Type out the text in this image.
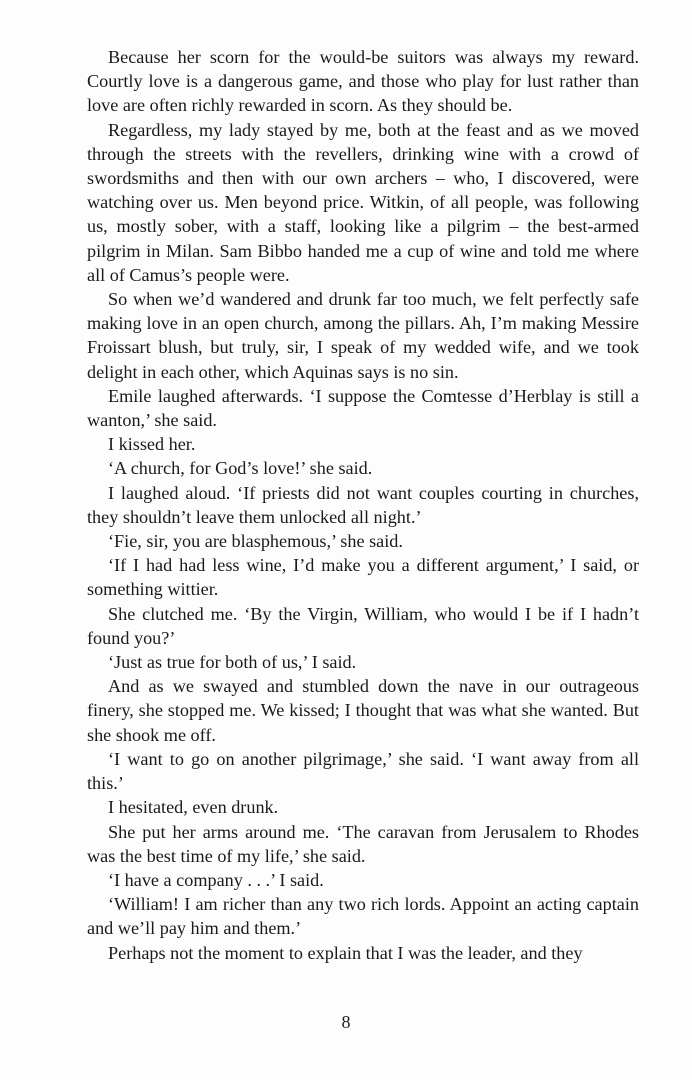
Because her scorn for the would-be suitors was always my reward. Courtly love is a dangerous game, and those who play for lust rather than love are often richly rewarded in scorn. As they should be.

Regardless, my lady stayed by me, both at the feast and as we moved through the streets with the revellers, drinking wine with a crowd of swordsmiths and then with our own archers – who, I discovered, were watching over us. Men beyond price. Witkin, of all people, was following us, mostly sober, with a staff, looking like a pilgrim – the best-armed pilgrim in Milan. Sam Bibbo handed me a cup of wine and told me where all of Camus’s people were.

So when we’d wandered and drunk far too much, we felt perfectly safe making love in an open church, among the pillars. Ah, I’m making Messire Froissart blush, but truly, sir, I speak of my wedded wife, and we took delight in each other, which Aquinas says is no sin.

Emile laughed afterwards. ‘I suppose the Comtesse d’Herblay is still a wanton,’ she said.

I kissed her.

‘A church, for God’s love!’ she said.

I laughed aloud. ‘If priests did not want couples courting in churches, they shouldn’t leave them unlocked all night.’

‘Fie, sir, you are blasphemous,’ she said.

‘If I had had less wine, I’d make you a different argument,’ I said, or something wittier.

She clutched me. ‘By the Virgin, William, who would I be if I hadn’t found you?’

‘Just as true for both of us,’ I said.

And as we swayed and stumbled down the nave in our outrageous finery, she stopped me. We kissed; I thought that was what she wanted. But she shook me off.

‘I want to go on another pilgrimage,’ she said. ‘I want away from all this.’

I hesitated, even drunk.

She put her arms around me. ‘The caravan from Jerusalem to Rhodes was the best time of my life,’ she said.

‘I have a company . . .’ I said.

‘William! I am richer than any two rich lords. Appoint an acting captain and we’ll pay him and them.’

Perhaps not the moment to explain that I was the leader, and they

8
